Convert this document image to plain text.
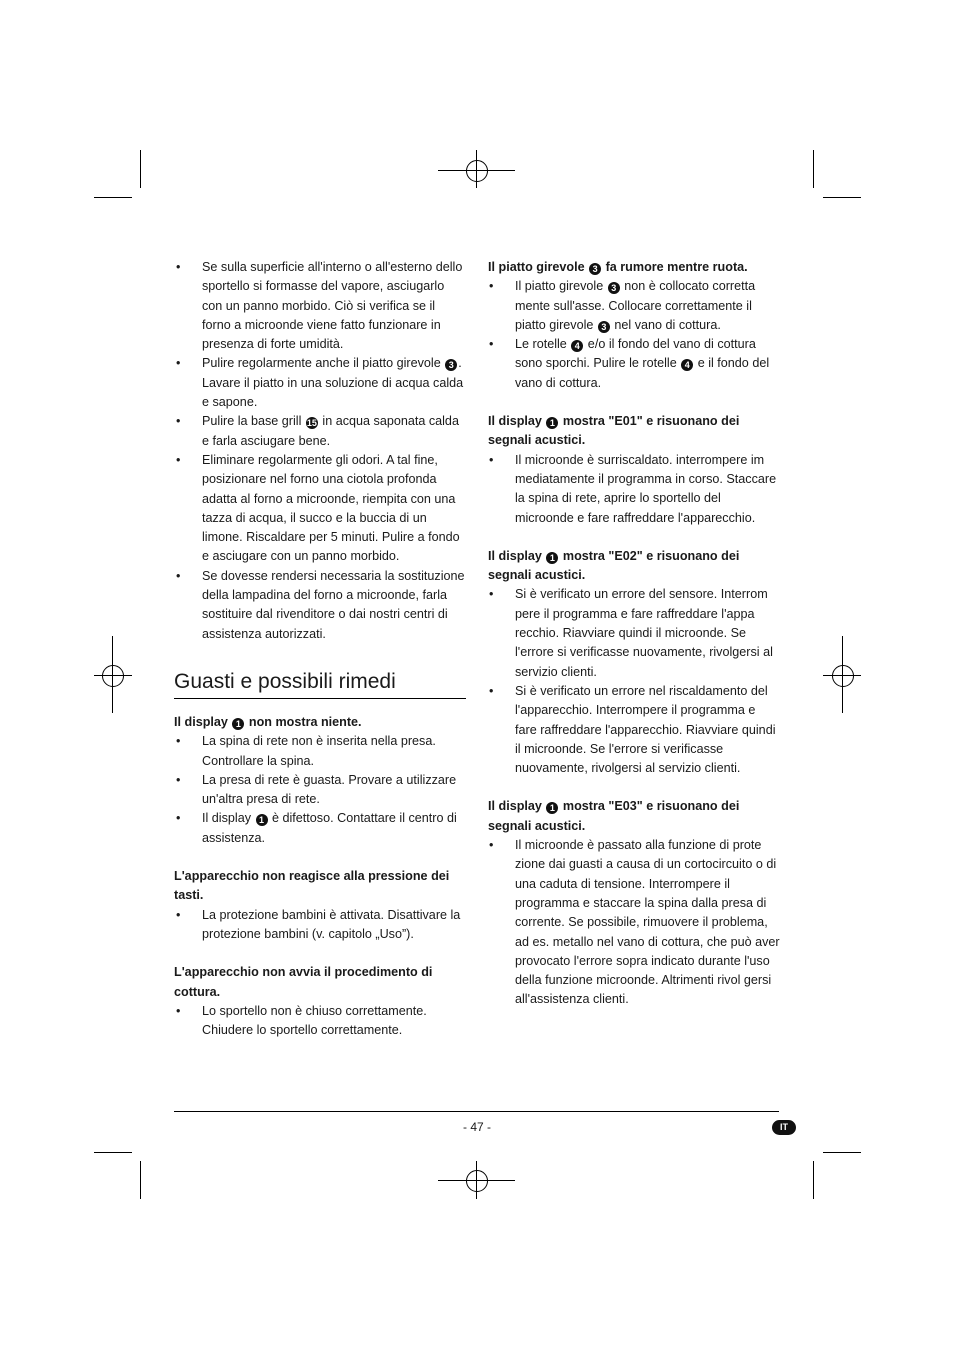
• Se sulla superficie all'interno o all'esterno dello sportello si formasse del vapore, asciugarlo con un panno morbido. Ciò si verifica se il forno a microonde viene fatto funzionare in presenza di forte umidità.
• Pulire regolarmente anche il piatto girevole 3 . Lavare il piatto in una soluzione di acqua calda e sapone.
• Pulire la base grill 15 in acqua saponata calda e farla asciugare bene.
• Eliminare regolarmente gli odori. A tal fine, posizionare nel forno una ciotola profonda adatta al forno a microonde, riempita con una tazza di acqua, il succo e la buccia di un limone. Riscaldare per 5 minuti. Pulire a fondo e asciugare con un panno morbido.
• Se dovesse rendersi necessaria la sostituzione della lampadina del forno a microonde, farla sostituire dal rivenditore o dai nostri centri di assistenza autorizzati.
Guasti e possibili rimedi
Il display 1 non mostra niente.
• La spina di rete non è inserita nella presa. Controllare la spina.
• La presa di rete è guasta. Provare a utilizzare un'altra presa di rete.
• Il display 1 è difettoso. Contattare il centro di assistenza.
L'apparecchio non reagisce alla pressione dei tasti.
• La protezione bambini è attivata. Disattivare la protezione bambini (v. capitolo „Uso”).
L'apparecchio non avvia il procedimento di cottura.
• Lo sportello non è chiuso correttamente. Chiudere lo sportello correttamente.
Il piatto girevole 3 fa rumore mentre ruota.
• Il piatto girevole 3 non è collocato corretta mente sull'asse. Collocare correttamente il piatto girevole 3 nel vano di cottura.
• Le rotelle 4 e/o il fondo del vano di cottura sono sporchi. Pulire le rotelle 4 e il fondo del vano di cottura.
Il display 1 mostra "E01" e risuonano dei segnali acustici.
• Il microonde è surriscaldato. interrompere im mediatamente il programma in corso. Staccare la spina di rete, aprire lo sportello del microonde e fare raffreddare l'apparecchio.
Il display 1 mostra "E02" e risuonano dei segnali acustici.
• Si è verificato un errore del sensore. Interrom pere il programma e fare raffreddare l'appa recchio. Riavviare quindi il microonde. Se l'errore si verificasse nuovamente, rivolgersi al servizio clienti.
• Si è verificato un errore nel riscaldamento del l'apparecchio. Interrompere il programma e fare raffreddare l'apparecchio. Riavviare quindi il microonde. Se l'errore si verificasse nuovamente, rivolgersi al servizio clienti.
Il display 1 mostra "E03" e risuonano dei segnali acustici.
• Il microonde è passato alla funzione di prote zione dai guasti a causa di un cortocircuito o di una caduta di tensione. Interrompere il programma e staccare la spina dalla presa di corrente. Se possibile, rimuovere il problema, ad es. metallo nel vano di cottura, che può aver provocato l'errore sopra indicato durante l'uso della funzione microonde. Altrimenti rivol gersi all'assistenza clienti.
- 47 -	IT
